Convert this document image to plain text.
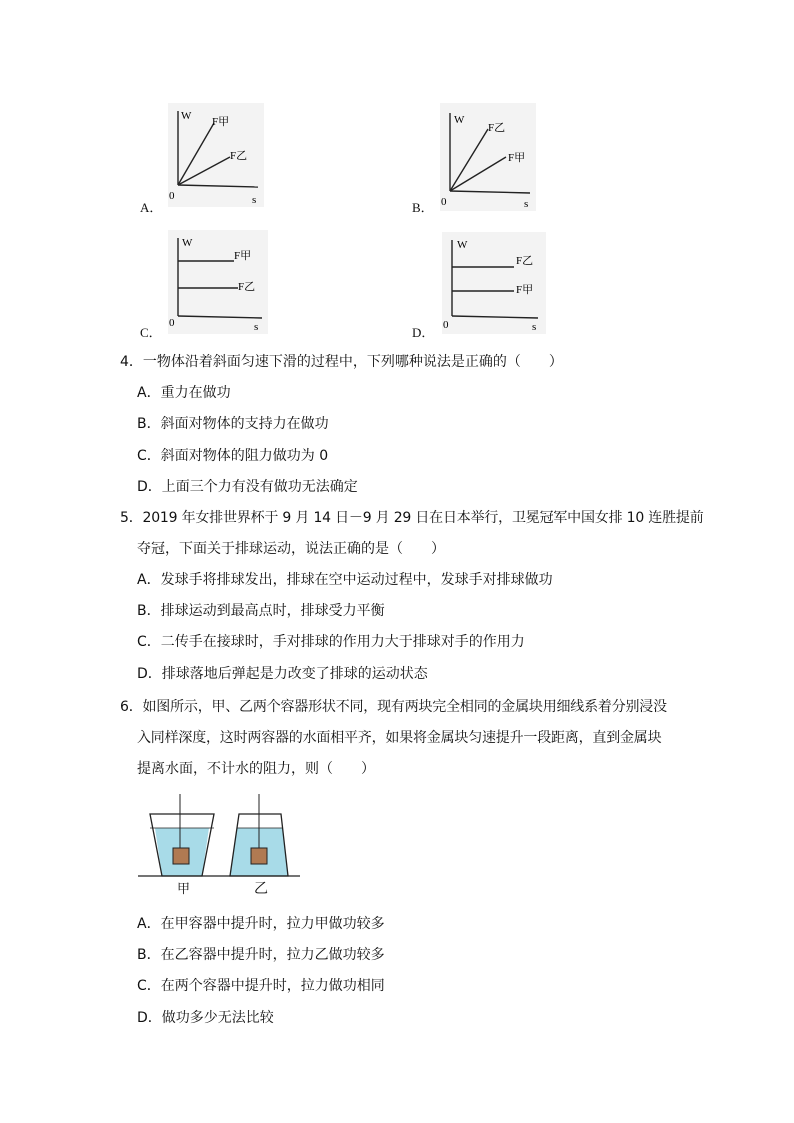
A．
W
s
0
F甲
F乙
B．
W
s
0
F乙
F甲
C．
W
s
0
F甲
F乙
D．
W
s
0
F乙
F甲
4．一物体沿着斜面匀速下滑的过程中，下列哪种说法是正确的（　　）
A．重力在做功
B．斜面对物体的支持力在做功
C．斜面对物体的阻力做功为 0
D．上面三个力有没有做功无法确定
5．2019 年女排世界杯于 9 月 14 日－9 月 29 日在日本举行，卫冕冠军中国女排 10 连胜提前
夺冠，下面关于排球运动，说法正确的是（　　）
A．发球手将排球发出，排球在空中运动过程中，发球手对排球做功
B．排球运动到最高点时，排球受力平衡
C．二传手在接球时，手对排球的作用力大于排球对手的作用力
D．排球落地后弹起是力改变了排球的运动状态
6．如图所示，甲、乙两个容器形状不同，现有两块完全相同的金属块用细线系着分别浸没
入同样深度，这时两容器的水面相平齐，如果将金属块匀速提升一段距离，直到金属块
提离水面，不计水的阻力，则（　　）
甲	乙
A．在甲容器中提升时，拉力甲做功较多
B．在乙容器中提升时，拉力乙做功较多
C．在两个容器中提升时，拉力做功相同
D．做功多少无法比较
